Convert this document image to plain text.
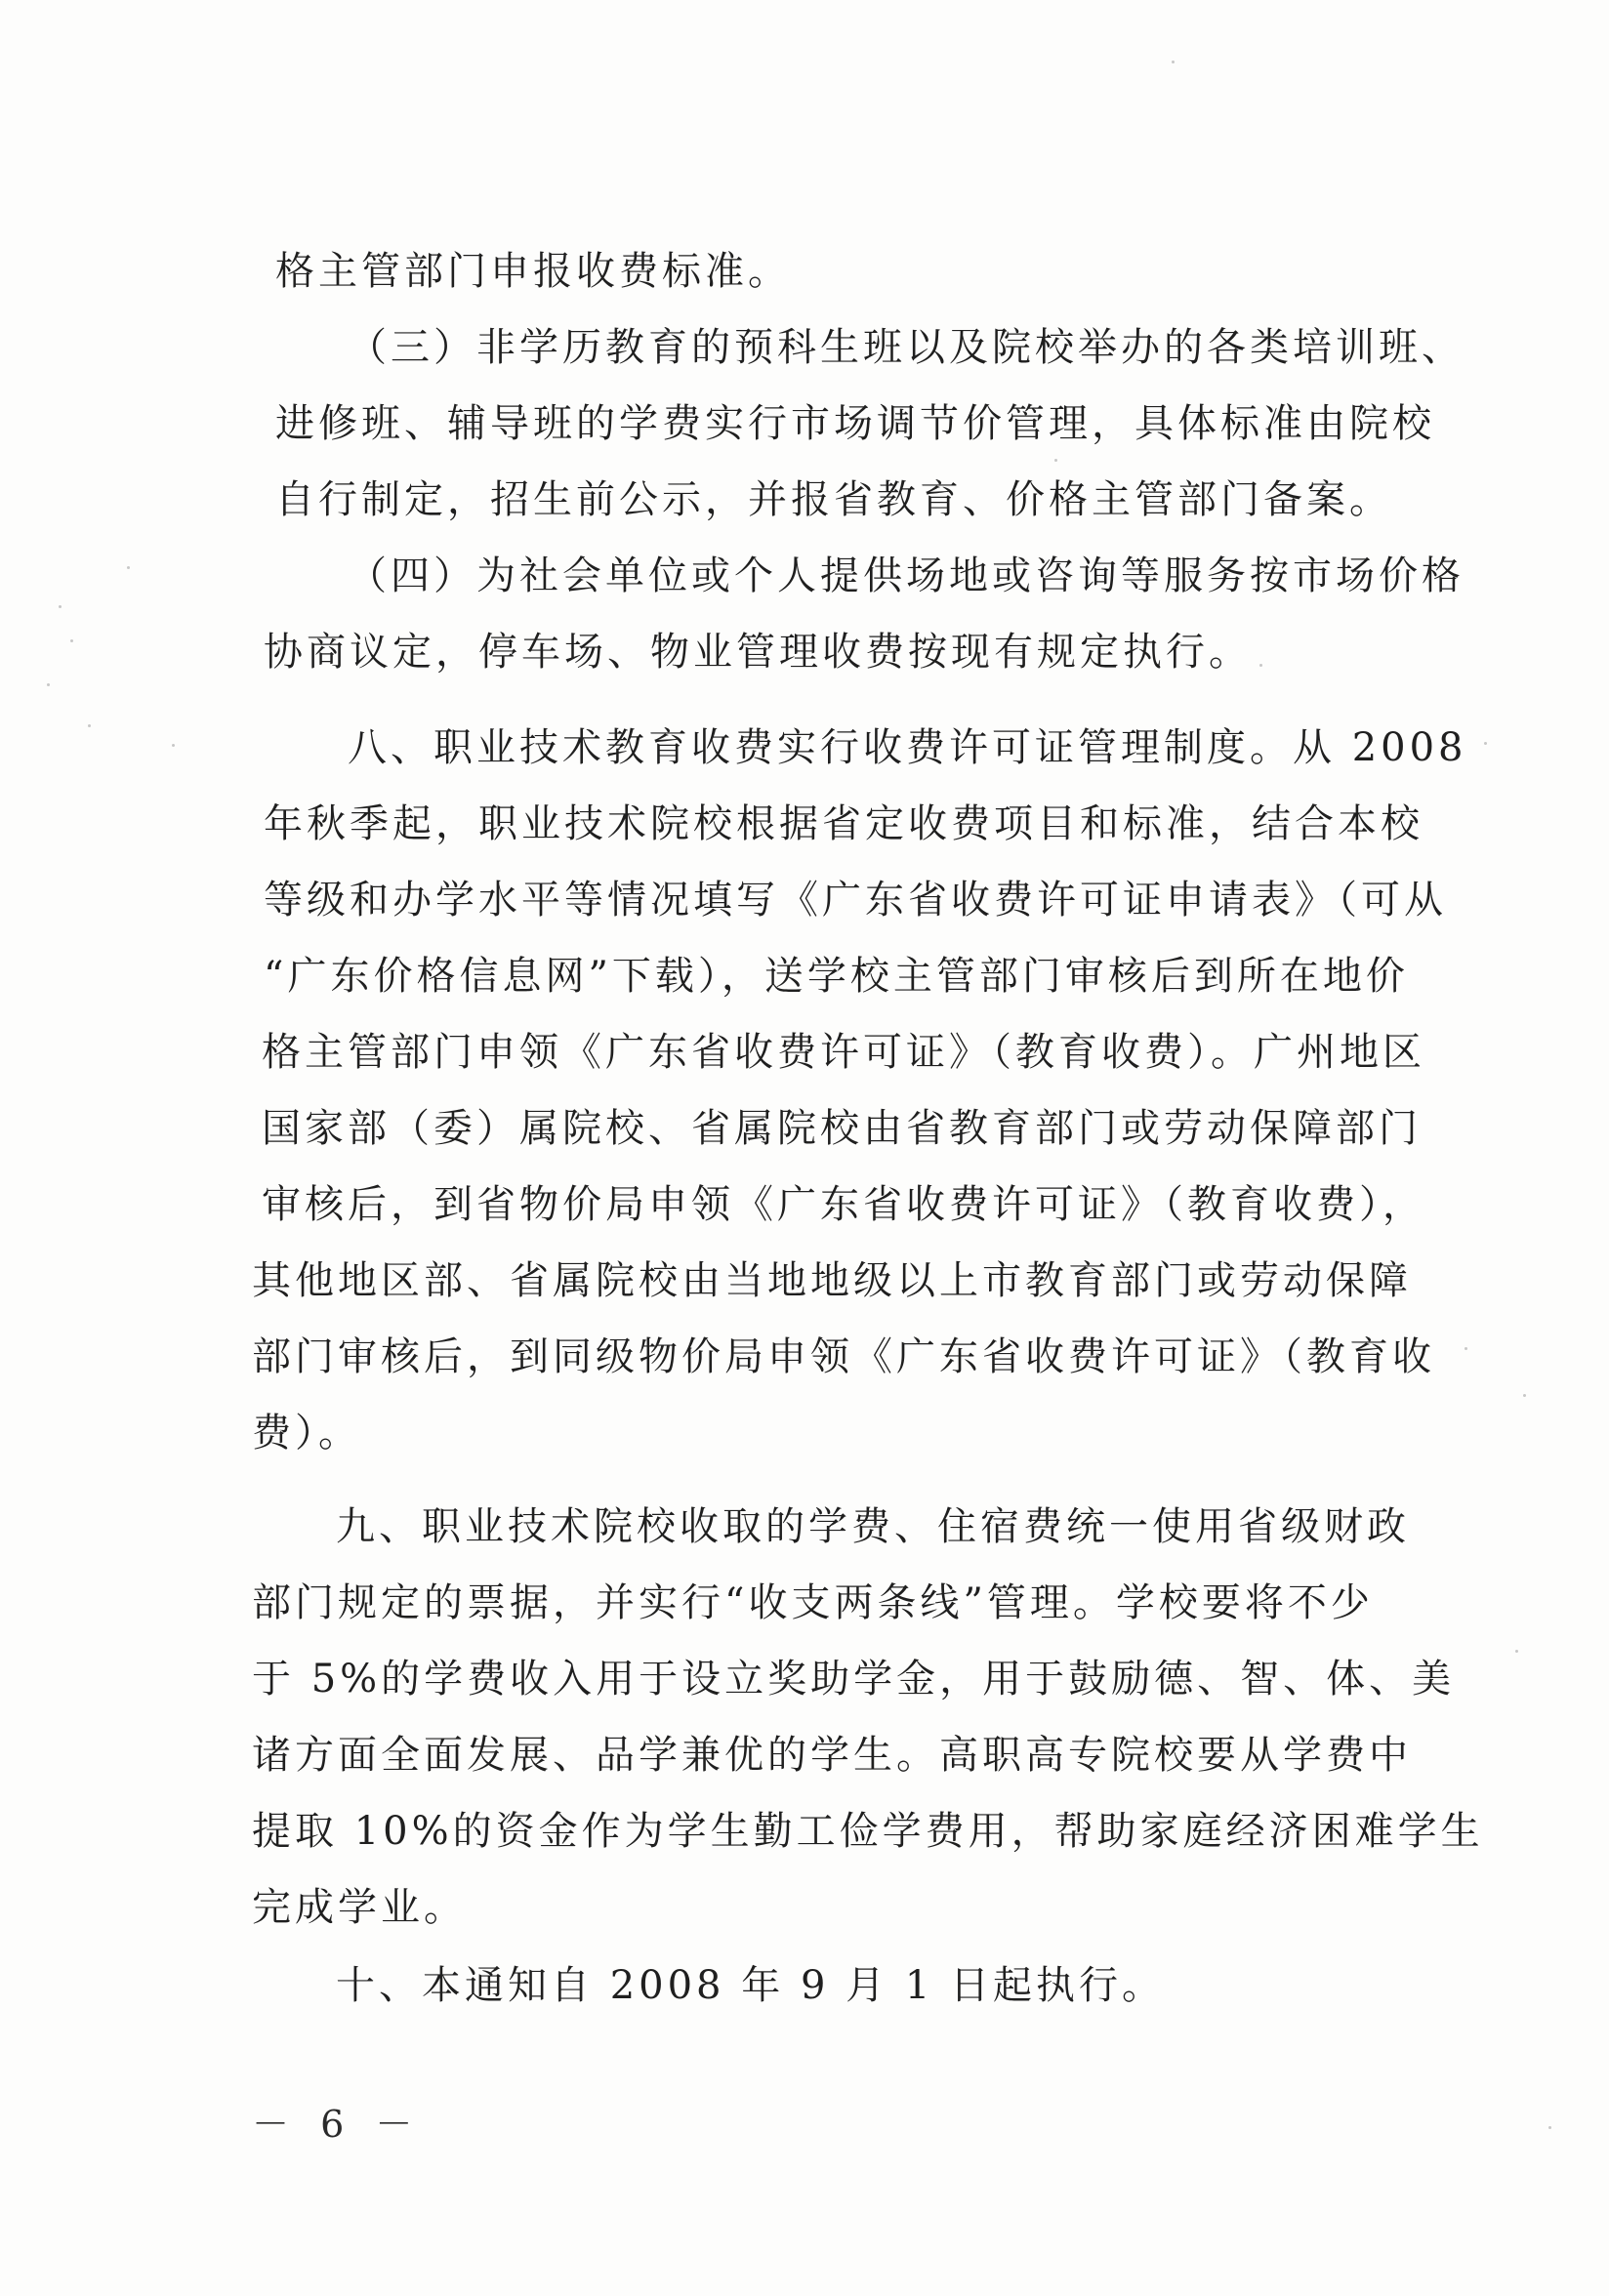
格主管部门申报收费标准。
（三）非学历教育的预科生班以及院校举办的各类培训班、
进修班、辅导班的学费实行市场调节价管理，具体标准由院校
自行制定，招生前公示，并报省教育、价格主管部门备案。
（四）为社会单位或个人提供场地或咨询等服务按市场价格
协商议定，停车场、物业管理收费按现有规定执行。
八、职业技术教育收费实行收费许可证管理制度。从 2008
年秋季起，职业技术院校根据省定收费项目和标准，结合本校
等级和办学水平等情况填写《广东省收费许可证申请表》（可从
“广东价格信息网”下载），送学校主管部门审核后到所在地价
格主管部门申领《广东省收费许可证》（教育收费）。广州地区
国家部（委）属院校、省属院校由省教育部门或劳动保障部门
审核后，到省物价局申领《广东省收费许可证》（教育收费），
其他地区部、省属院校由当地地级以上市教育部门或劳动保障
部门审核后，到同级物价局申领《广东省收费许可证》（教育收
费）。
九、职业技术院校收取的学费、住宿费统一使用省级财政
部门规定的票据，并实行“收支两条线”管理。学校要将不少
于 5%的学费收入用于设立奖助学金，用于鼓励德、智、体、美
诸方面全面发展、品学兼优的学生。高职高专院校要从学费中
提取 10%的资金作为学生勤工俭学费用，帮助家庭经济困难学生
完成学业。
十、本通知自 2008 年 9 月 1 日起执行。
－ 6 －
